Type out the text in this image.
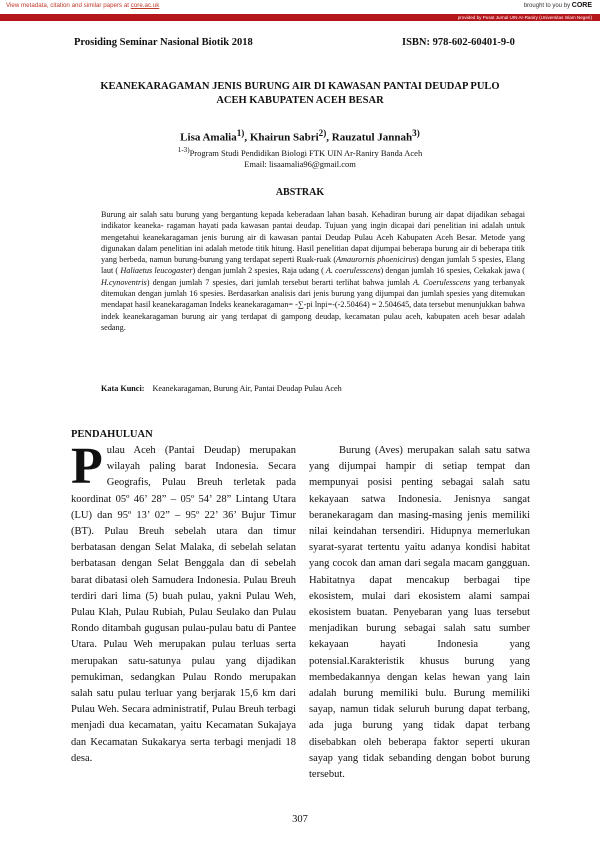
View metadata, citation and similar papers at core.ac.uk	brought to you by CORE
provided by Pusat Jurnal UIN Ar-Raniry (Universitas Islam Negeri)
Prosiding Seminar Nasional Biotik 2018	ISBN: 978-602-60401-9-0
KEANEKARAGAMAN JENIS BURUNG AIR DI KAWASAN PANTAI DEUDAP PULO
ACEH KABUPATEN ACEH BESAR
Lisa Amalia$^{1)}$, Khairun Sabri$^{2)}$, Rauzatul Jannah$^{3)}$
$^{1-3)}$Program Studi Pendidikan Biologi FTK UIN Ar-Raniry Banda Aceh
Email: lisaamalia96@gmail.com
ABSTRAK
Burung air salah satu burung yang bergantung kepada keberadaan lahan basah. Kehadiran burung air dapat dijadikan sebagai indikator keaneka- ragaman hayati pada kawasan pantai deudap. Tujuan yang ingin dicapai dari penelitian ini adalah untuk mengetahui keanekaragaman jenis burung air di kawasan pantai Deudap Pulau Aceh Kabupaten Aceh Besar. Metode yang digunakan dalam penelitian ini adalah metode titik hitung. Hasil penelitian dapat dijumpai beberapa burung air di beberapa titik yang berbeda, namun burung-burung yang terdapat seperti Ruak-ruak (Amaurornis phoenicirus) dengan jumlah 5 spesies, Elang laut ( Haliaetus leucogaster) dengan jumlah 2 spesies, Raja udang ( A. coerulesscens) dengan jumlah 16 spesies, Cekakak jawa ( H.cynoventris) dengan jumlah 7 spesies, dari jumlah tersebut berarti terlihat bahwa jumlah A. Coerulesscens yang terbanyak ditemukan dengan jumlah 16 spesies. Berdasarkan analisis dari jenis burung yang dijumpai dan jumlah spesies yang ditemukan mendapat hasil keanekaragaman Indeks keanekaragaman= -∑-pi lnpi=-(-2.50464) = 2.504645, data tersebut menunjukkan bahwa indek keanekaragaman burung air yang terdapat di gampong deudap, kecamatan pulau aceh, kabupaten aceh besar adalah sedang.
Kata Kunci: Keanekaragaman, Burung Air, Pantai Deudap Pulau Aceh
PENDAHULUAN
Pulau Aceh (Pantai Deudap) merupakan wilayah paling barat Indonesia. Secara Geografis, Pulau Breuh terletak pada koordinat 05º 46’ 28” – 05º 54’ 28” Lintang Utara (LU) dan 95º 13’ 02” – 95º 22’ 36’ Bujur Timur (BT). Pulau Breuh sebelah utara dan timur berbatasan dengan Selat Malaka, di sebelah selatan berbatasan dengan Selat Benggala dan di sebelah barat dibatasi oleh Samudera Indonesia. Pulau Breuh terdiri dari lima (5) buah pulau, yakni Pulau Weh, Pulau Klah, Pulau Rubiah, Pulau Seulako dan Pulau Rondo ditambah gugusan pulau-pulau batu di Pantee Utara. Pulau Weh merupakan pulau terluas serta merupakan satu-satunya pulau yang dijadikan pemukiman, sedangkan Pulau Rondo merupakan salah satu pulau terluar yang berjarak 15,6 km dari Pulau Weh. Secara administratif, Pulau Breuh terbagi menjadi dua kecamatan, yaitu Kecamatan Sukajaya dan Kecamatan Sukakarya serta terbagi menjadi 18 desa.
Burung (Aves) merupakan salah satu satwa yang dijumpai hampir di setiap tempat dan mempunyai posisi penting sebagai salah satu kekayaan satwa Indonesia. Jenisnya sangat beranekaragam dan masing-masing jenis memiliki nilai keindahan tersendiri. Hidupnya memerlukan syarat-syarat tertentu yaitu adanya kondisi habitat yang cocok dan aman dari segala macam gangguan. Habitatnya dapat mencakup berbagai tipe ekosistem, mulai dari ekosistem alami sampai ekosistem buatan. Penyebaran yang luas tersebut menjadikan burung sebagai salah satu sumber kekayaan hayati Indonesia yang potensial.Karakteristik khusus burung yang membedakannya dengan kelas hewan yang lain adalah burung memiliki bulu. Burung memiliki sayap, namun tidak seluruh burung dapat terbang, ada juga burung yang tidak dapat terbang disebabkan oleh beberapa faktor seperti ukuran sayap yang tidak sebanding dengan bobot burung tersebut.
307
